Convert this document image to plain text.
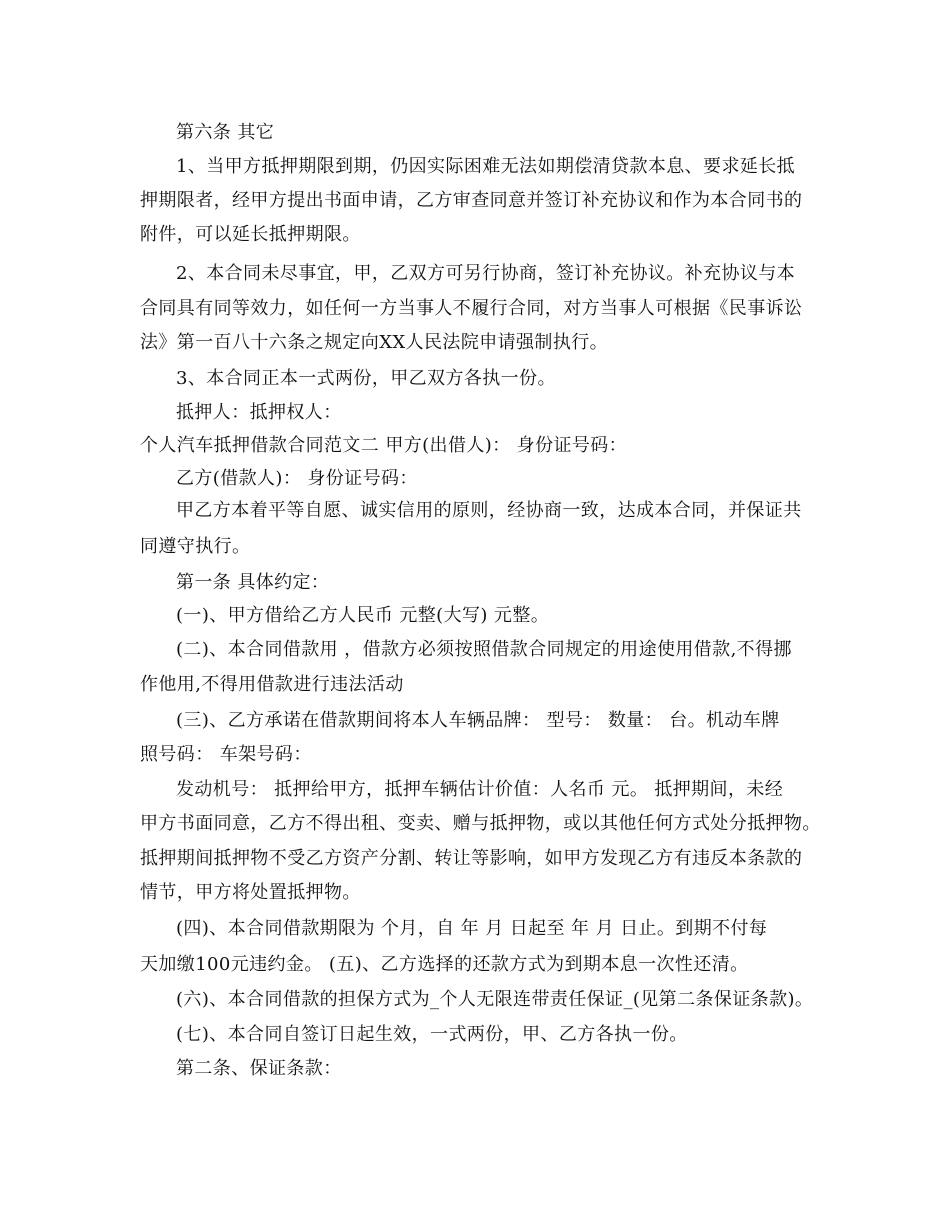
第六条 其它
1、当甲方抵押期限到期，仍因实际困难无法如期偿清贷款本息、要求延长抵
押期限者，经甲方提出书面申请，乙方审查同意并签订补充协议和作为本合同书的
附件，可以延长抵押期限。
2、本合同未尽事宜，甲，乙双方可另行协商，签订补充协议。补充协议与本
合同具有同等效力，如任何一方当事人不履行合同，对方当事人可根据《民事诉讼
法》第一百八十六条之规定向XX人民法院申请强制执行。
3、本合同正本一式两份，甲乙双方各执一份。
抵押人：抵押权人：
个人汽车抵押借款合同范文二 甲方(出借人)： 身份证号码：
乙方(借款人)： 身份证号码：
甲乙方本着平等自愿、诚实信用的原则，经协商一致，达成本合同，并保证共
同遵守执行。
第一条 具体约定：
(一)、甲方借给乙方人民币 元整(大写) 元整。
(二)、本合同借款用 ，借款方必须按照借款合同规定的用途使用借款,不得挪
作他用,不得用借款进行违法活动
(三)、乙方承诺在借款期间将本人车辆品牌： 型号： 数量： 台。机动车牌
照号码： 车架号码：
发动机号： 抵押给甲方，抵押车辆估计价值：人名币 元。 抵押期间，未经
甲方书面同意，乙方不得出租、变卖、赠与抵押物，或以其他任何方式处分抵押物。
抵押期间抵押物不受乙方资产分割、转让等影响，如甲方发现乙方有违反本条款的
情节，甲方将处置抵押物。
(四)、本合同借款期限为 个月，自 年 月 日起至 年 月 日止。到期不付每
天加缴100元违约金。 (五)、乙方选择的还款方式为到期本息一次性还清。
(六)、本合同借款的担保方式为_个人无限连带责任保证_(见第二条保证条款)。
(七)、本合同自签订日起生效，一式两份，甲、乙方各执一份。
第二条、保证条款：
